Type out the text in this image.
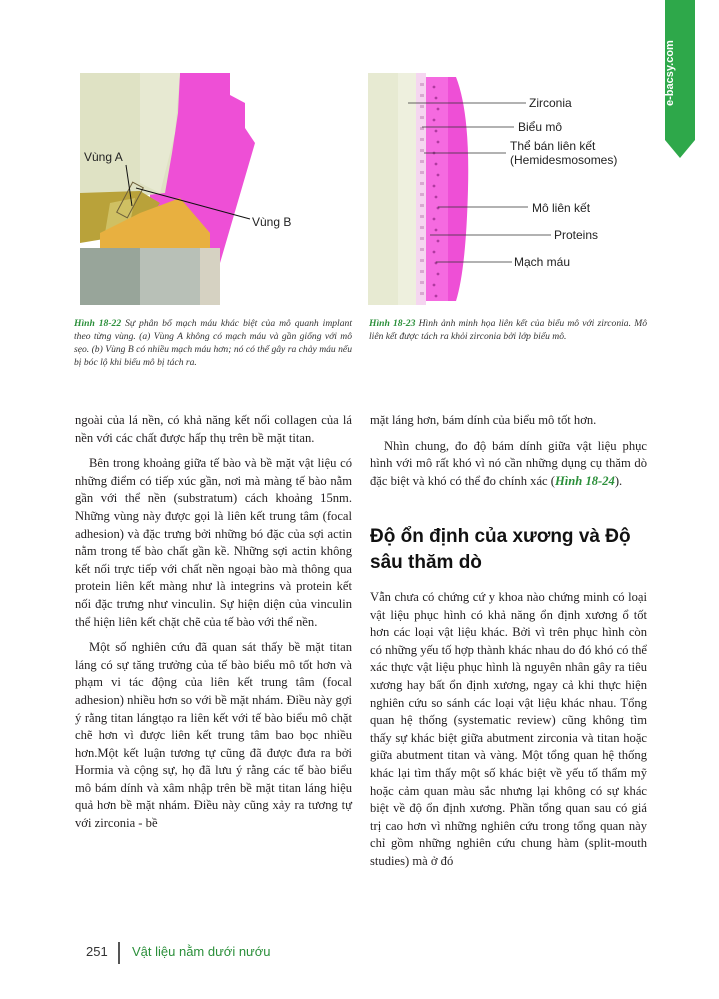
e-bacsy.com
Vùng A
Vùng B
Hình 18-22 Sự phân bố mạch máu khác biệt của mô quanh implant theo từng vùng. (a) Vùng A không có mạch máu và gần giống với mô sẹo. (b) Vùng B có nhiều mạch máu hơn; nó có thể gây ra chảy máu nếu bị bóc lộ khi biểu mô bị tách ra.
Zirconia
Biểu mô
Thể bán liên kết
(Hemidesmosomes)
Mô liên kết
Proteins
Mạch máu
Hình 18-23 Hình ảnh minh họa liên kết của biểu mô với zirconia. Mô liên kết được tách ra khỏi zirconia bởi lớp biểu mô.

ngoài của lá nền, có khả năng kết nối collagen của lá nền với các chất được hấp thụ trên bề mặt titan.

Bên trong khoảng giữa tế bào và bề mặt vật liệu có những điểm có tiếp xúc gần, nơi mà màng tế bào nằm gần với thể nền (substratum) cách khoảng 15nm. Những vùng này được gọi là liên kết trung tâm (focal adhesion) và đặc trưng bởi những bó đặc của sợi actin nằm trong tế bào chất gần kề. Những sợi actin không kết nối trực tiếp với chất nền ngoại bào mà thông qua protein liên kết màng như là integrins và protein kết nối đặc trưng như vinculin. Sự hiện diện của vinculin thể hiện liên kết chặt chẽ của tế bào với thể nền.

Một số nghiên cứu đã quan sát thấy bề mặt titan láng có sự tăng trưởng của tế bào biểu mô tốt hơn và phạm vi tác động của liên kết trung tâm (focal adhesion) nhiều hơn so với bề mặt nhám. Điều này gợi ý rằng titan lángtạo ra liên kết với tế bào biểu mô chặt chẽ hơn vì được liên kết trung tâm bao bọc nhiều hơn.Một kết luận tương tự cũng đã được đưa ra bởi Hormia và cộng sự, họ đã lưu ý rằng các tế bào biểu mô bám dính và xâm nhập trên bề mặt titan láng hiệu quả hơn bề mặt nhám. Điều này cũng xảy ra tương tự với zirconia - bề

mặt láng hơn, bám dính của biểu mô tốt hơn.

Nhìn chung, đo độ bám dính giữa vật liệu phục hình với mô rất khó vì nó cần những dụng cụ thăm dò đặc biệt và khó có thể đo chính xác (Hình 18-24).

Độ ổn định của xương và Độ sâu thăm dò

Vẫn chưa có chứng cứ y khoa nào chứng minh có loại vật liệu phục hình có khả năng ổn định xương ổ tốt hơn các loại vật liệu khác. Bởi vì trên phục hình còn có những yếu tố hợp thành khác nhau do đó khó có thể xác thực vật liệu phục hình là nguyên nhân gây ra tiêu xương hay bất ổn định xương, ngay cả khi thực hiện nghiên cứu so sánh các loại vật liệu khác nhau. Tổng quan hệ thống (systematic review) cũng không tìm thấy sự khác biệt giữa abutment zirconia và titan hoặc giữa abutment titan và vàng. Một tổng quan hệ thống khác lại tìm thấy một số khác biệt về yếu tố thẩm mỹ hoặc cảm quan màu sắc nhưng lại không có sự khác biệt về độ ổn định xương. Phần tổng quan sau có giá trị cao hơn vì những nghiên cứu trong tổng quan này chỉ gồm những nghiên cứu chung hàm (split-mouth studies) mà ở đó

251 Vật liệu nằm dưới nướu
